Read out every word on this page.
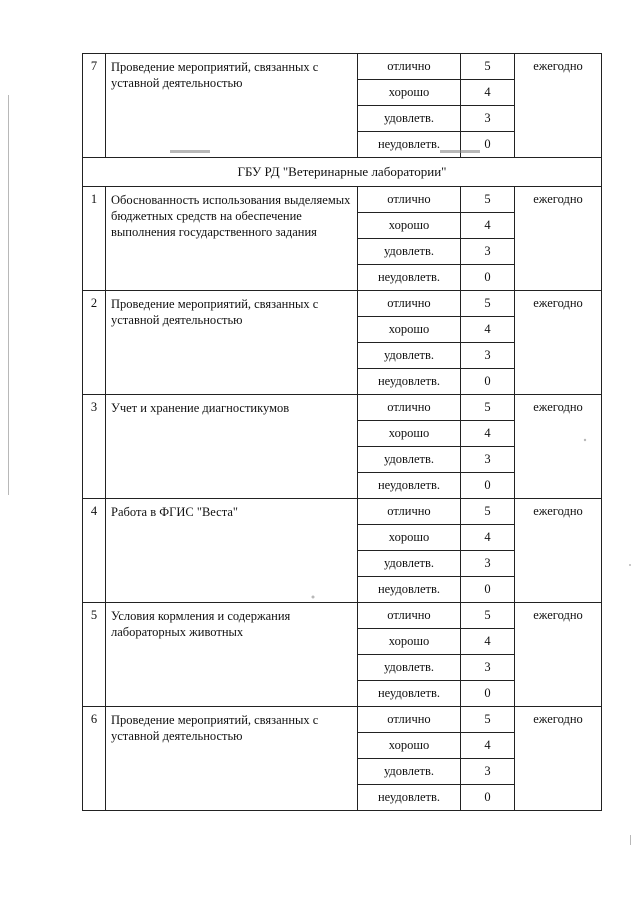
7	Проведение мероприятий, связанных с уставной деятельностью	отлично	5	ежегодно
		хорошо	4	
		удовлетв.	3	
		неудовлетв.	0	
ГБУ РД "Ветеринарные лаборатории"				
1	Обоснованность использования выделяемых бюджетных средств на обеспечение выполнения государственного задания	отлично	5	ежегодно
		хорошо	4	
		удовлетв.	3	
		неудовлетв.	0	
2	Проведение мероприятий, связанных с уставной деятельностью	отлично	5	ежегодно
		хорошо	4	
		удовлетв.	3	
		неудовлетв.	0	
3	Учет и хранение диагностикумов	отлично	5	ежегодно
		хорошо	4	
		удовлетв.	3	
		неудовлетв.	0	
4	Работа в ФГИС "Веста"	отлично	5	ежегодно
		хорошо	4	
		удовлетв.	3	
		неудовлетв.	0	
5	Условия кормления и содержания лабораторных животных	отлично	5	ежегодно
		хорошо	4	
		удовлетв.	3	
		неудовлетв.	0	
6	Проведение мероприятий, связанных с уставной деятельностью	отлично	5	ежегодно
		хорошо	4	
		удовлетв.	3	
		неудовлетв.	0	
